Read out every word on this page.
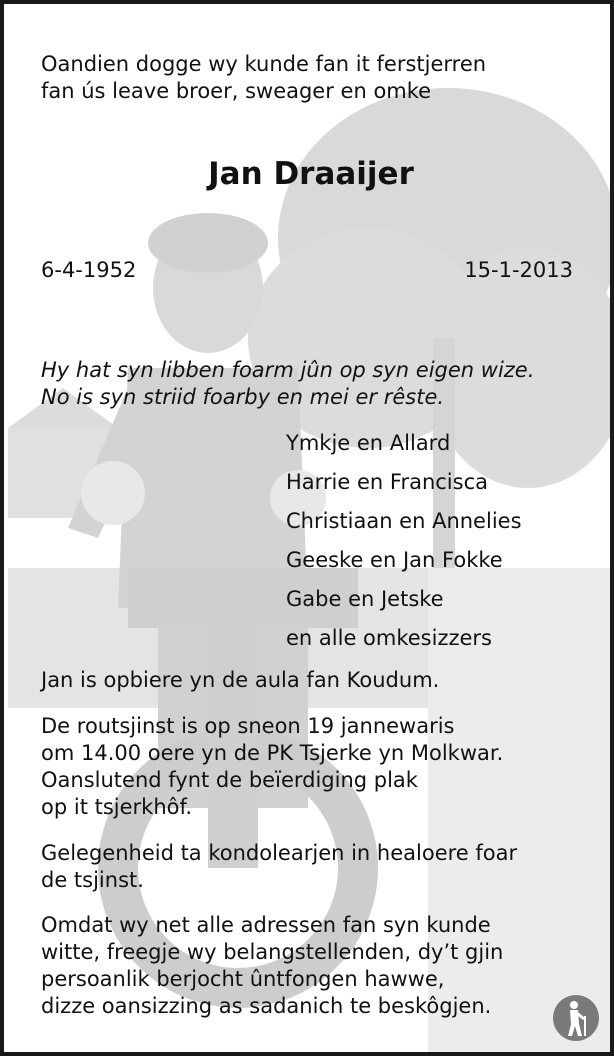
Oandien dogge wy kunde fan it ferstjerren
fan ús leave broer, sweager en omke
Jan Draaijer
6-4-1952	15-1-2013
Hy hat syn libben foarm jûn op syn eigen wize.
No is syn striid foarby en mei er rêste.
Ymkje en Allard
Harrie en Francisca
Christiaan en Annelies
Geeske en Jan Fokke
Gabe en Jetske
en alle omkesizzers
Jan is opbiere yn de aula fan Koudum.
De routsjinst is op sneon 19 jannewaris
om 14.00 oere yn de PK Tsjerke yn Molkwar.
Oanslutend fynt de beïerdiging plak
op it tsjerkhôf.
Gelegenheid ta kondolearjen in healoere foar
de tsjinst.
Omdat wy net alle adressen fan syn kunde
witte, freegje wy belangstellenden, dy’t gjin
persoanlik berjocht ûntfongen hawwe,
dizze oansizzing as sadanich te beskôgjen.
